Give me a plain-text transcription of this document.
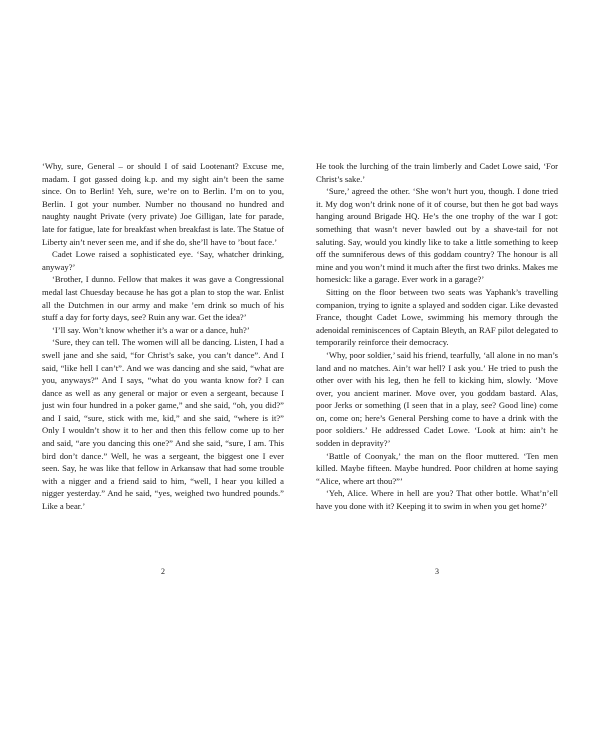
‘Why, sure, General – or should I of said Lootenant? Excuse me, madam. I got gassed doing k.p. and my sight ain’t been the same since. On to Berlin! Yeh, sure, we’re on to Berlin. I’m on to you, Berlin. I got your number. Number no thousand no hundred and naughty naught Private (very private) Joe Gilligan, late for parade, late for fatigue, late for breakfast when breakfast is late. The Statue of Liberty ain’t never seen me, and if she do, she’ll have to ’bout face.’

Cadet Lowe raised a sophisticated eye. ‘Say, whatcher drinking, anyway?’

‘Brother, I dunno. Fellow that makes it was gave a Congressional medal last Chuesday because he has got a plan to stop the war. Enlist all the Dutchmen in our army and make ’em drink so much of his stuff a day for forty days, see? Ruin any war. Get the idea?’

‘I’ll say. Won’t know whether it’s a war or a dance, huh?’

‘Sure, they can tell. The women will all be dancing. Listen, I had a swell jane and she said, “for Christ’s sake, you can’t dance”. And I said, “like hell I can’t”. And we was dancing and she said, “what are you, anyways?” And I says, “what do you wanta know for? I can dance as well as any general or major or even a sergeant, because I just win four hundred in a poker game,” and she said, “oh, you did?” and I said, “sure, stick with me, kid,” and she said, “where is it?” Only I wouldn’t show it to her and then this fellow come up to her and said, “are you dancing this one?” And she said, “sure, I am. This bird don’t dance.” Well, he was a sergeant, the biggest one I ever seen. Say, he was like that fellow in Arkansaw that had some trouble with a nigger and a friend said to him, “well, I hear you killed a nigger yesterday.” And he said, “yes, weighed two hundred pounds.” Like a bear.’

2

He took the lurching of the train limberly and Cadet Lowe said, ‘For Christ’s sake.’

‘Sure,’ agreed the other. ‘She won’t hurt you, though. I done tried it. My dog won’t drink none of it of course, but then he got bad ways hanging around Brigade HQ. He’s the one trophy of the war I got: something that wasn’t never bawled out by a shave-tail for not saluting. Say, would you kindly like to take a little something to keep off the sumniferous dews of this goddam country? The honour is all mine and you won’t mind it much after the first two drinks. Makes me homesick: like a garage. Ever work in a garage?’

Sitting on the floor between two seats was Yaphank’s travelling companion, trying to ignite a splayed and sodden cigar. Like devasted France, thought Cadet Lowe, swimming his memory through the adenoidal reminiscences of Captain Bleyth, an RAF pilot delegated to temporarily reinforce their democracy.

‘Why, poor soldier,’ said his friend, tearfully, ‘all alone in no man’s land and no matches. Ain’t war hell? I ask you.’ He tried to push the other over with his leg, then he fell to kicking him, slowly. ‘Move over, you ancient mariner. Move over, you goddam bastard. Alas, poor Jerks or something (I seen that in a play, see? Good line) come on, come on; here’s General Pershing come to have a drink with the poor soldiers.’ He addressed Cadet Lowe. ‘Look at him: ain’t he sodden in depravity?’

‘Battle of Coonyak,’ the man on the floor muttered. ‘Ten men killed. Maybe fifteen. Maybe hundred. Poor children at home saying “Alice, where art thou?”’

‘Yeh, Alice. Where in hell are you? That other bottle. What’n’ell have you done with it? Keeping it to swim in when you get home?’

3
